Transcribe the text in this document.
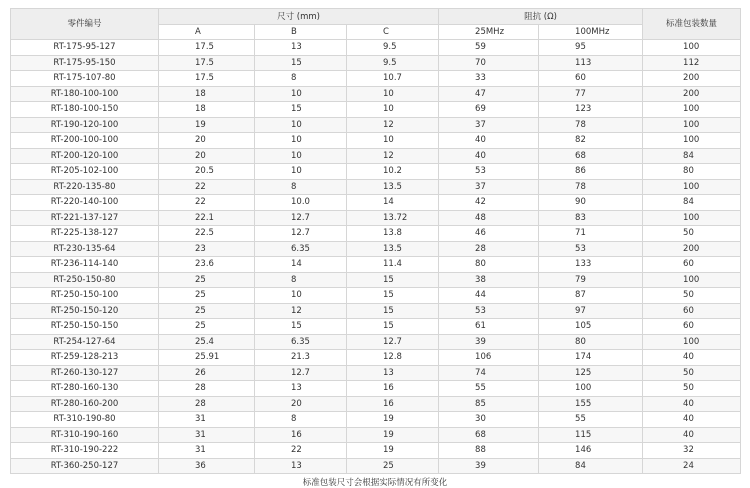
零件编号	尺寸 (mm)			阻抗 (Ω)		标准包装数量
	A	B	C	25MHz	100MHz	
RT-175-95-127	17.5	13	9.5	59	95	100
RT-175-95-150	17.5	15	9.5	70	113	112
RT-175-107-80	17.5	8	10.7	33	60	200
RT-180-100-100	18	10	10	47	77	200
RT-180-100-150	18	15	10	69	123	100
RT-190-120-100	19	10	12	37	78	100
RT-200-100-100	20	10	10	40	82	100
RT-200-120-100	20	10	12	40	68	84
RT-205-102-100	20.5	10	10.2	53	86	80
RT-220-135-80	22	8	13.5	37	78	100
RT-220-140-100	22	10.0	14	42	90	84
RT-221-137-127	22.1	12.7	13.72	48	83	100
RT-225-138-127	22.5	12.7	13.8	46	71	50
RT-230-135-64	23	6.35	13.5	28	53	200
RT-236-114-140	23.6	14	11.4	80	133	60
RT-250-150-80	25	8	15	38	79	100
RT-250-150-100	25	10	15	44	87	50
RT-250-150-120	25	12	15	53	97	60
RT-250-150-150	25	15	15	61	105	60
RT-254-127-64	25.4	6.35	12.7	39	80	100
RT-259-128-213	25.91	21.3	12.8	106	174	40
RT-260-130-127	26	12.7	13	74	125	50
RT-280-160-130	28	13	16	55	100	50
RT-280-160-200	28	20	16	85	155	40
RT-310-190-80	31	8	19	30	55	40
RT-310-190-160	31	16	19	68	115	40
RT-310-190-222	31	22	19	88	146	32
RT-360-250-127	36	13	25	39	84	24
标准包装尺寸会根据实际情况有所变化
